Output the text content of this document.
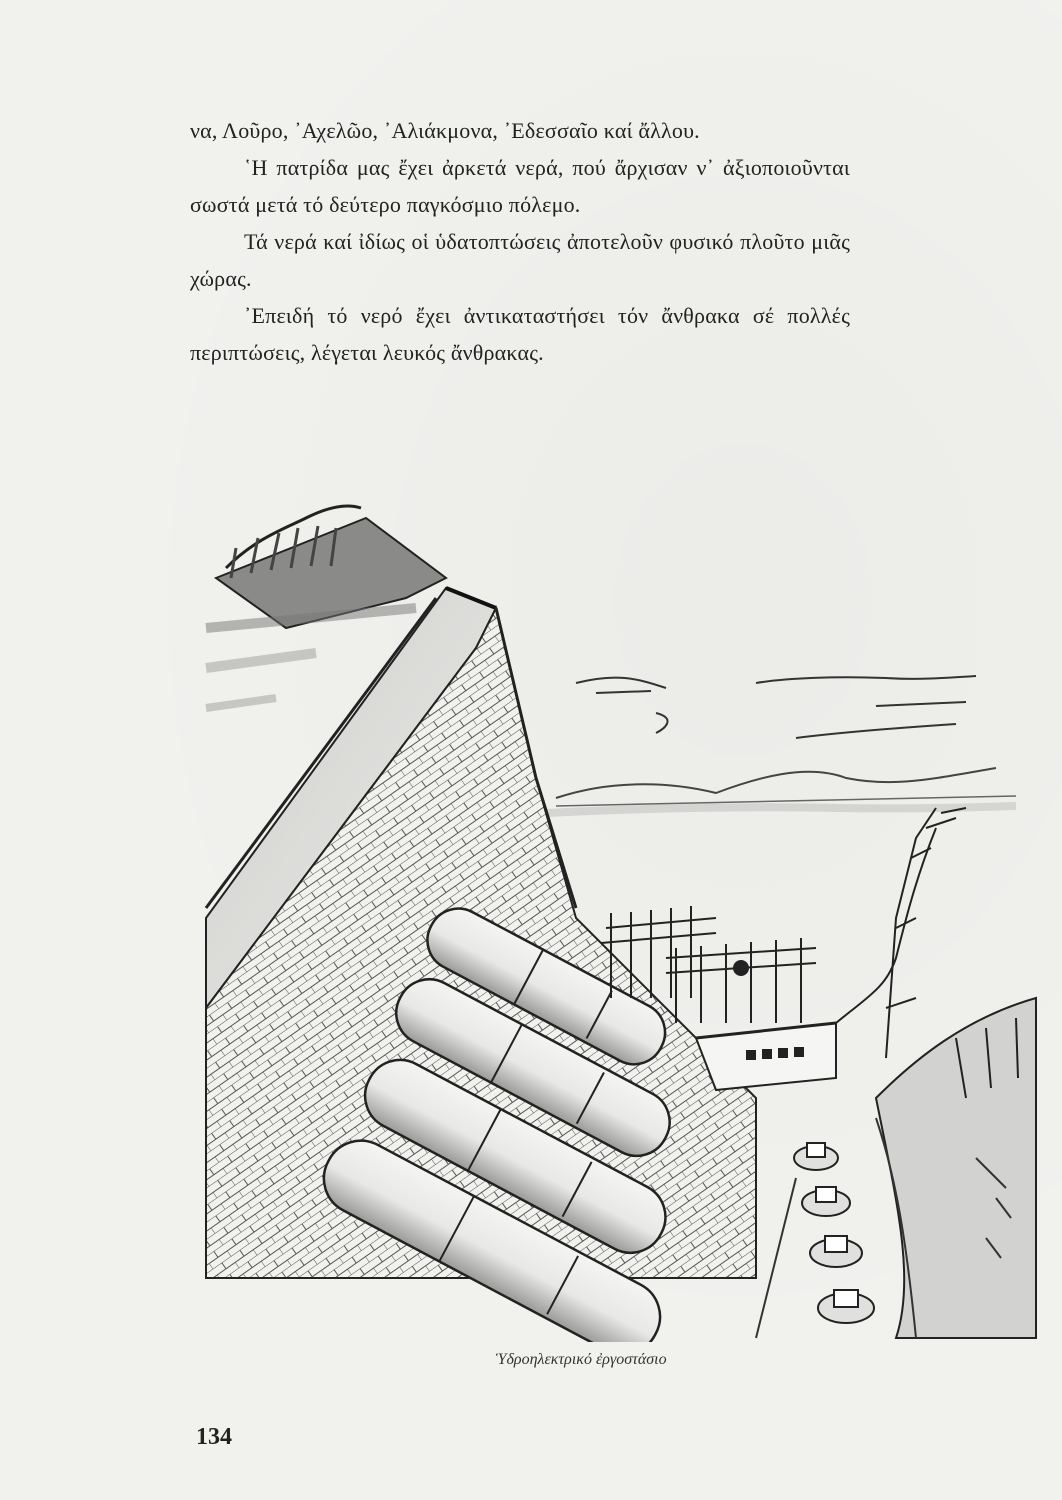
να, Λοῦρο, ᾿Αχελῶο, ᾿Αλιάκμονα, ᾿Εδεσσαῖο καί ἄλλου.

῾Η πατρίδα μας ἔχει ἀρκετά νερά, πού ἄρχισαν ν᾿ ἀξιοποιοῦνται σωστά μετά τό δεύτερο παγκόσμιο πόλεμο.

Τά νερά καί ἰδίως οἱ ὑδατοπτώσεις ἀποτελοῦν φυσικό πλοῦτο μιᾶς χώρας.

᾿Επειδή τό νερό ἔχει ἀντικαταστήσει τόν ἄνθρακα σέ πολλές περιπτώσεις, λέγεται λευκός ἄνθρακας.

Ὑδροηλεκτρικό ἐργοστάσιο
134
